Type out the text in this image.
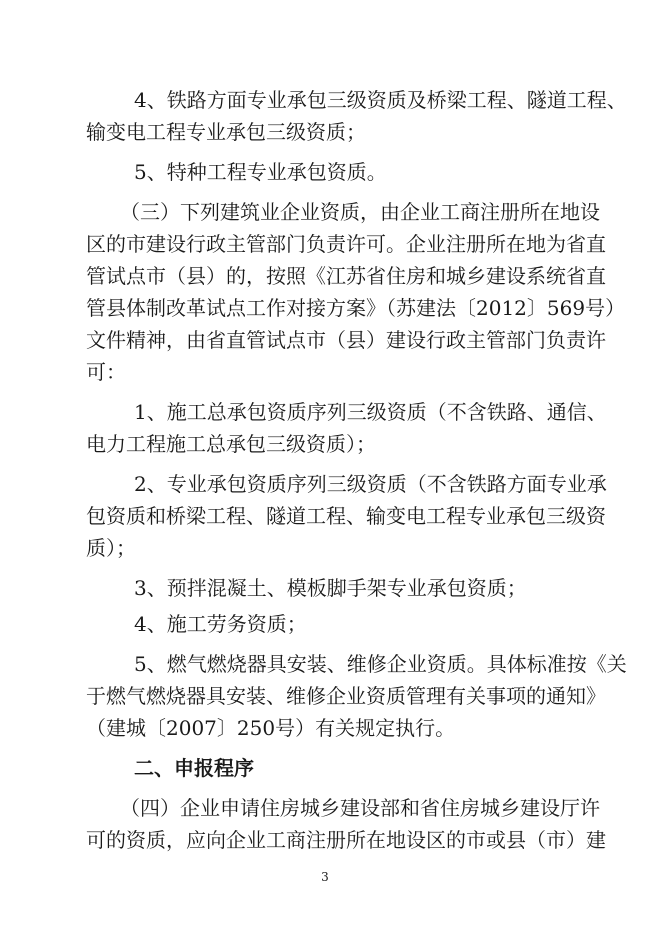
4、铁路方面专业承包三级资质及桥梁工程、隧道工程、
输变电工程专业承包三级资质；
5、特种工程专业承包资质。
（三）下列建筑业企业资质，由企业工商注册所在地设
区的市建设行政主管部门负责许可。企业注册所在地为省直
管试点市（县）的，按照《江苏省住房和城乡建设系统省直
管县体制改革试点工作对接方案》（苏建法〔2012〕569号）
文件精神，由省直管试点市（县）建设行政主管部门负责许
可：
1、施工总承包资质序列三级资质（不含铁路、通信、
电力工程施工总承包三级资质）；
2、专业承包资质序列三级资质（不含铁路方面专业承
包资质和桥梁工程、隧道工程、输变电工程专业承包三级资
质）；
3、预拌混凝土、模板脚手架专业承包资质；
4、施工劳务资质；
5、燃气燃烧器具安装、维修企业资质。具体标准按《关
于燃气燃烧器具安装、维修企业资质管理有关事项的通知》
（建城〔2007〕250号）有关规定执行。
二、申报程序
（四）企业申请住房城乡建设部和省住房城乡建设厅许
可的资质，应向企业工商注册所在地设区的市或县（市）建
3
